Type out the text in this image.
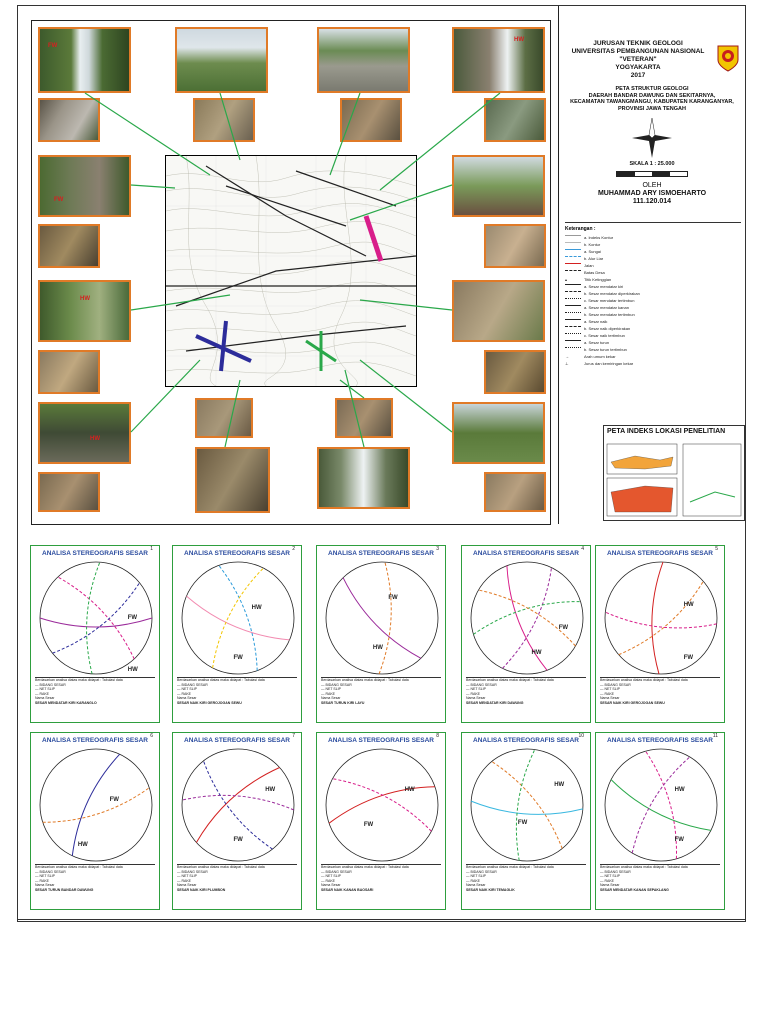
FW
HW
FW
HW
HW
JURUSAN TEKNIK GEOLOGI
UNIVERSITAS PEMBANGUNAN NASIONAL
"VETERAN"
YOGYAKARTA
2017
PETA STRUKTUR GEOLOGI
DAERAH BANDAR DAWUNG DAN SEKITARNYA,
KECAMATAN TAWANGMANGU, KABUPATEN KARANGANYAR,
PROVINSI JAWA TENGAH
SKALA 1 : 25.000
OLEH
MUHAMMAD ARY ISMOEHARTO
111.120.014
Keterangan :
a. Indeks Kontur
b. Kontur
a. Sungai
b. Alur Liar
Jalan
Batas Desa
▴	Titik Ketinggian
a. Sesar mendatar kiri
b. Sesar mendatar diperkirakan
c. Sesar mendatar tertimbun
a. Sesar mendatar kanan
b. Sesar mendatar tertimbun
a. Sesar naik
b. Sesar naik diperkirakan
c. Sesar naik tertimbun
a. Sesar turun
b. Sesar turun tertimbun
→	Arah umum kekar
⊥	Jurus dan kemiringan kekar
PETA INDEKS LOKASI PENELITIAN
ANALISA STEREOGRAFIS SESAR
1
FW
HW
Berdasarkan analisa diatas maka didapat : Tabulasi data
— BIDANG SESAR
— NET SLIP
— RAKE
Nama Sesar
SESAR MENDATAR KIRI KARANGLO
ANALISA STEREOGRAFIS SESAR
2
HW
FW
Berdasarkan analisa diatas maka didapat : Tabulasi data
— BIDANG SESAR
— NET SLIP
— RAKE
Nama Sesar
SESAR NAIK KIRI GEROJOGAN SEWU
ANALISA STEREOGRAFIS SESAR
3
FW
HW
Berdasarkan analisa diatas maka didapat : Tabulasi data
— BIDANG SESAR
— NET SLIP
— RAKE
Nama Sesar
SESAR TURUN KIRI LAYU
ANALISA STEREOGRAFIS SESAR
4
FW
HW
Berdasarkan analisa diatas maka didapat : Tabulasi data
— BIDANG SESAR
— NET SLIP
— RAKE
Nama Sesar
SESAR MENDATAR KIRI DAWUNG
ANALISA STEREOGRAFIS SESAR
5
HW
FW
Berdasarkan analisa diatas maka didapat : Tabulasi data
— BIDANG SESAR
— NET SLIP
— RAKE
Nama Sesar
SESAR NAIK KIRI GEROJOGAN SEWU
ANALISA STEREOGRAFIS SESAR
6
FW
HW
Berdasarkan analisa diatas maka didapat : Tabulasi data
— BIDANG SESAR
— NET SLIP
— RAKE
Nama Sesar
SESAR TURUN BANDAR DAWUNG
ANALISA STEREOGRAFIS SESAR
7
HW
FW
Berdasarkan analisa diatas maka didapat : Tabulasi data
— BIDANG SESAR
— NET SLIP
— RAKE
Nama Sesar
SESAR NAIK KIRI PLUMBON
ANALISA STEREOGRAFIS SESAR
8
HW
FW
Berdasarkan analisa diatas maka didapat : Tabulasi data
— BIDANG SESAR
— NET SLIP
— RAKE
Nama Sesar
SESAR NAIK KANAN BAOSARI
ANALISA STEREOGRAFIS SESAR
10
HW
FW
Berdasarkan analisa diatas maka didapat : Tabulasi data
— BIDANG SESAR
— NET SLIP
— RAKE
Nama Sesar
SESAR NAIK KIRI TEMAGLIK
ANALISA STEREOGRAFIS SESAR
11
HW
FW
Berdasarkan analisa diatas maka didapat : Tabulasi data
— BIDANG SESAR
— NET SLIP
— RAKE
Nama Sesar
SESAR MENDATAR KANAN SEPAKLANG
